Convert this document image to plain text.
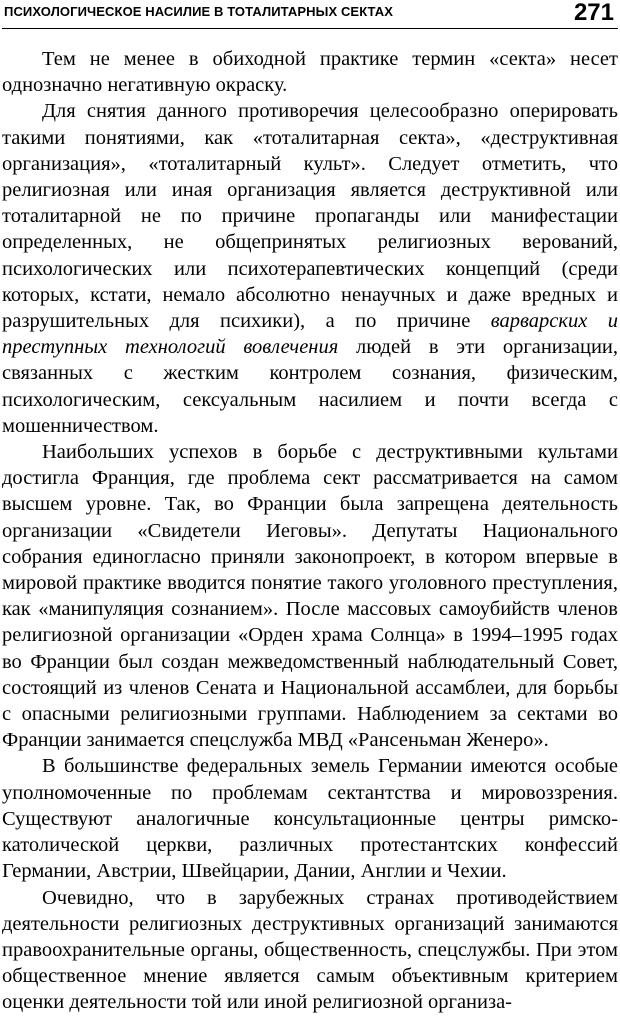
ПСИХОЛОГИЧЕСКОЕ НАСИЛИЕ В ТОТАЛИТАРНЫХ СЕКТАХ	271

Тем не менее в обиходной практике термин «секта» несет однозначно негативную окраску.

Для снятия данного противоречия целесообразно оперировать такими понятиями, как «тоталитарная секта», «деструктивная организация», «тоталитарный культ». Следует отметить, что религиозная или иная организация является деструктивной или тоталитарной не по причине пропаганды или манифестации определенных, не общепринятых религиозных верований, психологических или психотерапевтических концепций (среди которых, кстати, немало абсолютно ненаучных и даже вредных и разрушительных для психики), а по причине варварских и преступных технологий вовлечения людей в эти организации, связанных с жестким контролем сознания, физическим, психологическим, сексуальным насилием и почти всегда с мошенничеством.

Наибольших успехов в борьбе с деструктивными культами достигла Франция, где проблема сект рассматривается на самом высшем уровне. Так, во Франции была запрещена деятельность организации «Свидетели Иеговы». Депутаты Национального собрания единогласно приняли законопроект, в котором впервые в мировой практике вводится понятие такого уголовного преступления, как «манипуляция сознанием». После массовых самоубийств членов религиозной организации «Орден храма Солнца» в 1994–1995 годах во Франции был создан межведомственный наблюдательный Совет, состоящий из членов Сената и Национальной ассамблеи, для борьбы с опасными религиозными группами. Наблюдением за сектами во Франции занимается спецслужба МВД «Рансеньман Женеро».

В большинстве федеральных земель Германии имеются особые уполномоченные по проблемам сектантства и мировоззрения. Существуют аналогичные консультационные центры римско-католической церкви, различных протестантских конфессий Германии, Австрии, Швейцарии, Дании, Англии и Чехии.

Очевидно, что в зарубежных странах противодействием деятельности религиозных деструктивных организаций занимаются правоохранительные органы, общественность, спецслужбы. При этом общественное мнение является самым объективным критерием оценки деятельности той или иной религиозной организа-
